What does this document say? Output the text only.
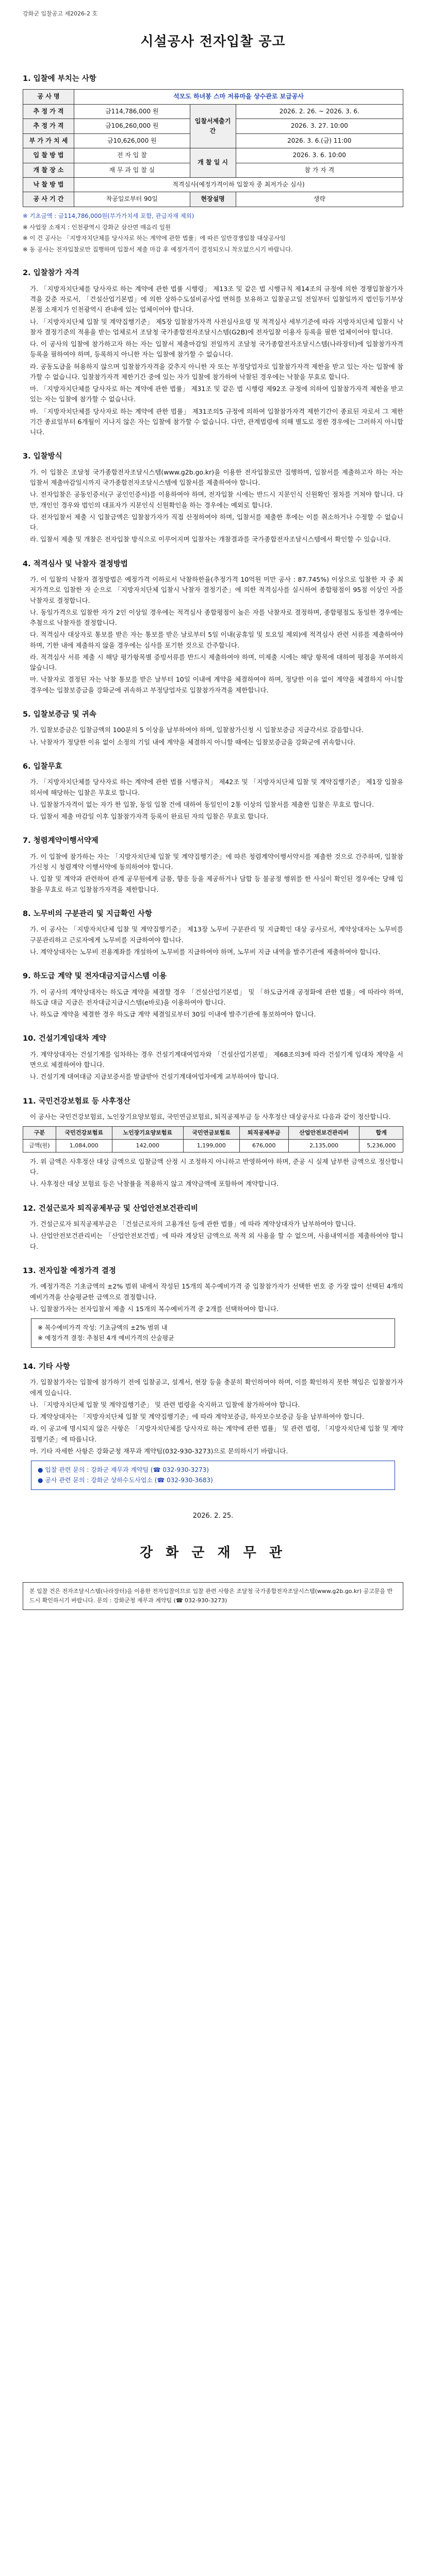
강화군 입찰공고 제2026-2 호
시설공사 전자입찰 공고
1. 입찰에 부치는 사항
공 사 명	석모도 하녀봉 스마 저류마을 상수관로 보급공사		
추 정 가 격	금114,786,000 원	입찰서제출기간	2026. 2. 26. ~ 2026. 3. 6.
추 정 가 격	금106,260,000 원		2026. 3. 27. 10:00
부 가 가 치 세	금10,626,000 원		2026. 3. 6.(금) 11:00
입 찰 방 법	전 자 입 찰	개 찰 일 시	2026. 3. 6. 10:00
개 찰 장 소	재 무 과 입 찰 실		참 가 자 격
낙 찰 방 법	적격심사(예정가격이하 입찰자 중 최저가순 심사)		
공 사 기 간	착공일로부터 90일	현장설명	생략

※ 기초금액 : 금114,786,000원(부가가치세 포함, 관급자재 제외)

※ 사업장 소재지 : 인천광역시 강화군 삼산면 매음리 일원

※ 이 건 공사는 「지방자치단체를 당사자로 하는 계약에 관한 법률」에 따른 일반경쟁입찰 대상공사임

※ 동 공사는 전자입찰로만 집행하며 입찰서 제출 마감 후 예정가격이 결정되오니 착오없으시기 바랍니다.

2. 입찰참가 자격

가. 「지방자치단체를 당사자로 하는 계약에 관한 법률 시행령」 제13조 및 같은 법 시행규칙 제14조의 규정에 의한 경쟁입찰참가자격을 갖춘 자로서, 「건설산업기본법」에 의한 상하수도설비공사업 면허를 보유하고 입찰공고일 전일부터 입찰일까지 법인등기부상 본점 소재지가 인천광역시 관내에 있는 업체이어야 합니다.

나. 「지방자치단체 입찰 및 계약집행기준」 제5장 입찰참가자격 사전심사요령 및 적격심사 세부기준에 따라 지방자치단체 입찰시 낙찰자 결정기준의 적용을 받는 업체로서 조달청 국가종합전자조달시스템(G2B)에 전자입찰 이용자 등록을 필한 업체이어야 합니다.

다. 이 공사의 입찰에 참가하고자 하는 자는 입찰서 제출마감일 전일까지 조달청 국가종합전자조달시스템(나라장터)에 입찰참가자격 등록을 필하여야 하며, 등록하지 아니한 자는 입찰에 참가할 수 없습니다.

라. 공동도급을 허용하지 않으며 입찰참가자격을 갖추지 아니한 자 또는 부정당업자로 입찰참가자격 제한을 받고 있는 자는 입찰에 참가할 수 없습니다. 입찰참가자격 제한기간 중에 있는 자가 입찰에 참가하여 낙찰된 경우에는 낙찰을 무효로 합니다.

마. 「지방자치단체를 당사자로 하는 계약에 관한 법률」 제31조 및 같은 법 시행령 제92조 규정에 의하여 입찰참가자격 제한을 받고 있는 자는 입찰에 참가할 수 없습니다.

바. 「지방자치단체를 당사자로 하는 계약에 관한 법률」 제31조의5 규정에 의하여 입찰참가자격 제한기간이 종료된 자로서 그 제한기간 종료일부터 6개월이 지나지 않은 자는 입찰에 참가할 수 없습니다. 다만, 관계법령에 의해 별도로 정한 경우에는 그러하지 아니합니다.

3. 입찰방식

가. 이 입찰은 조달청 국가종합전자조달시스템(www.g2b.go.kr)을 이용한 전자입찰로만 집행하며, 입찰서를 제출하고자 하는 자는 입찰서 제출마감일시까지 국가종합전자조달시스템에 입찰서를 제출하여야 합니다.

나. 전자입찰은 공동인증서(구 공인인증서)를 이용하여야 하며, 전자입찰 시에는 반드시 지문인식 신원확인 절차를 거쳐야 합니다. 다만, 개인인 경우와 법인의 대표자가 지문인식 신원확인을 하는 경우에는 예외로 합니다.

다. 전자입찰서 제출 시 입찰금액은 입찰참가자가 직접 산정하여야 하며, 입찰서를 제출한 후에는 이를 취소하거나 수정할 수 없습니다.

라. 입찰서 제출 및 개찰은 전자입찰 방식으로 이루어지며 입찰자는 개찰결과를 국가종합전자조달시스템에서 확인할 수 있습니다.

4. 적격심사 및 낙찰자 결정방법

가. 이 입찰의 낙찰자 결정방법은 예정가격 이하로서 낙찰하한율(추정가격 10억원 미만 공사 : 87.745%) 이상으로 입찰한 자 중 최저가격으로 입찰한 자 순으로 「지방자치단체 입찰시 낙찰자 결정기준」에 의한 적격심사를 실시하여 종합평점이 95점 이상인 자를 낙찰자로 결정합니다.

나. 동일가격으로 입찰한 자가 2인 이상일 경우에는 적격심사 종합평점이 높은 자를 낙찰자로 결정하며, 종합평점도 동일한 경우에는 추첨으로 낙찰자를 결정합니다.

다. 적격심사 대상자로 통보를 받은 자는 통보를 받은 날로부터 5일 이내(공휴일 및 토요일 제외)에 적격심사 관련 서류를 제출하여야 하며, 기한 내에 제출하지 않을 경우에는 심사를 포기한 것으로 간주합니다.

라. 적격심사 서류 제출 시 해당 평가항목별 증빙서류를 반드시 제출하여야 하며, 미제출 시에는 해당 항목에 대하여 평점을 부여하지 않습니다.

마. 낙찰자로 결정된 자는 낙찰 통보를 받은 날부터 10일 이내에 계약을 체결하여야 하며, 정당한 이유 없이 계약을 체결하지 아니할 경우에는 입찰보증금을 강화군에 귀속하고 부정당업자로 입찰참가자격을 제한합니다.

5. 입찰보증금 및 귀속

가. 입찰보증금은 입찰금액의 100분의 5 이상을 납부하여야 하며, 입찰참가신청 시 입찰보증금 지급각서로 갈음합니다.

나. 낙찰자가 정당한 이유 없이 소정의 기일 내에 계약을 체결하지 아니할 때에는 입찰보증금을 강화군에 귀속합니다.

6. 입찰무효

가. 「지방자치단체를 당사자로 하는 계약에 관한 법률 시행규칙」 제42조 및 「지방자치단체 입찰 및 계약집행기준」 제1장 입찰유의서에 해당하는 입찰은 무효로 합니다.

나. 입찰참가자격이 없는 자가 한 입찰, 동일 입찰 건에 대하여 동일인이 2통 이상의 입찰서를 제출한 입찰은 무효로 합니다.

다. 입찰서 제출 마감일 이후 입찰참가자격 등록이 완료된 자의 입찰은 무효로 합니다.

7. 청렴계약이행서약제

가. 이 입찰에 참가하는 자는 「지방자치단체 입찰 및 계약집행기준」에 따른 청렴계약이행서약서를 제출한 것으로 간주하며, 입찰참가신청 시 청렴계약 이행서약에 동의하여야 합니다.

나. 입찰 및 계약과 관련하여 관계 공무원에게 금품, 향응 등을 제공하거나 담합 등 불공정 행위를 한 사실이 확인된 경우에는 당해 입찰을 무효로 하고 입찰참가자격을 제한합니다.

8. 노무비의 구분관리 및 지급확인 사항

가. 이 공사는 「지방자치단체 입찰 및 계약집행기준」 제13장 노무비 구분관리 및 지급확인 대상 공사로서, 계약상대자는 노무비를 구분관리하고 근로자에게 노무비를 지급하여야 합니다.

나. 계약상대자는 노무비 전용계좌를 개설하여 노무비를 지급하여야 하며, 노무비 지급 내역을 발주기관에 제출하여야 합니다.

9. 하도급 계약 및 전자대금지급시스템 이용

가. 이 공사의 계약상대자는 하도급 계약을 체결할 경우 「건설산업기본법」 및 「하도급거래 공정화에 관한 법률」에 따라야 하며, 하도급 대금 지급은 전자대금지급시스템(e바로)을 이용하여야 합니다.

나. 하도급 계약을 체결한 경우 하도급 계약 체결일로부터 30일 이내에 발주기관에 통보하여야 합니다.

10. 건설기계임대차 계약

가. 계약상대자는 건설기계를 임차하는 경우 건설기계대여업자와 「건설산업기본법」 제68조의3에 따라 건설기계 임대차 계약을 서면으로 체결하여야 합니다.

나. 건설기계 대여대금 지급보증서를 발급받아 건설기계대여업자에게 교부하여야 합니다.

11. 국민건강보험료 등 사후정산

이 공사는 국민건강보험료, 노인장기요양보험료, 국민연금보험료, 퇴직공제부금 등 사후정산 대상공사로 다음과 같이 정산합니다.

구분	국민건강보험료	노인장기요양보험료	국민연금보험료	퇴직공제부금	산업안전보건관리비	합계
금액(원)	1,084,000	142,000	1,199,000	676,000	2,135,000	5,236,000

가. 위 금액은 사후정산 대상 금액으로 입찰금액 산정 시 조정하지 아니하고 반영하여야 하며, 준공 시 실제 납부한 금액으로 정산합니다.

나. 사후정산 대상 보험료 등은 낙찰률을 적용하지 않고 계약금액에 포함하여 계약합니다.

12. 건설근로자 퇴직공제부금 및 산업안전보건관리비

가. 건설근로자 퇴직공제부금은 「건설근로자의 고용개선 등에 관한 법률」에 따라 계약상대자가 납부하여야 합니다.

나. 산업안전보건관리비는 「산업안전보건법」에 따라 계상된 금액으로 목적 외 사용을 할 수 없으며, 사용내역서를 제출하여야 합니다.

13. 전자입찰 예정가격 결정

가. 예정가격은 기초금액의 ±2% 범위 내에서 작성된 15개의 복수예비가격 중 입찰참가자가 선택한 번호 중 가장 많이 선택된 4개의 예비가격을 산술평균한 금액으로 결정합니다.

나. 입찰참가자는 전자입찰서 제출 시 15개의 복수예비가격 중 2개를 선택하여야 합니다.

※ 복수예비가격 작성: 기초금액의 ±2% 범위 내
※ 예정가격 결정: 추첨된 4개 예비가격의 산술평균
14. 기타 사항

가. 입찰참가자는 입찰에 참가하기 전에 입찰공고, 설계서, 현장 등을 충분히 확인하여야 하며, 이를 확인하지 못한 책임은 입찰참가자에게 있습니다.

나. 「지방자치단체 입찰 및 계약집행기준」 및 관련 법령을 숙지하고 입찰에 참가하여야 합니다.

다. 계약상대자는 「지방자치단체 입찰 및 계약집행기준」에 따라 계약보증금, 하자보수보증금 등을 납부하여야 합니다.

라. 이 공고에 명시되지 않은 사항은 「지방자치단체를 당사자로 하는 계약에 관한 법률」 및 관련 법령, 「지방자치단체 입찰 및 계약집행기준」에 따릅니다.

마. 기타 자세한 사항은 강화군청 재무과 계약팀(032-930-3273)으로 문의하시기 바랍니다.

● 입찰 관련 문의 : 강화군 재무과 계약팀 (☎ 032-930-3273)
● 공사 관련 문의 : 강화군 상하수도사업소 (☎ 032-930-3683)
2026. 2. 25.
강 화 군 재 무 관
본 입찰 건은 전자조달시스템(나라장터)을 이용한 전자입찰이므로 입찰 관련 사항은 조달청 국가종합전자조달시스템(www.g2b.go.kr) 공고문을 반드시 확인하시기 바랍니다. 문의 : 강화군청 재무과 계약팀 (☎ 032-930-3273)
